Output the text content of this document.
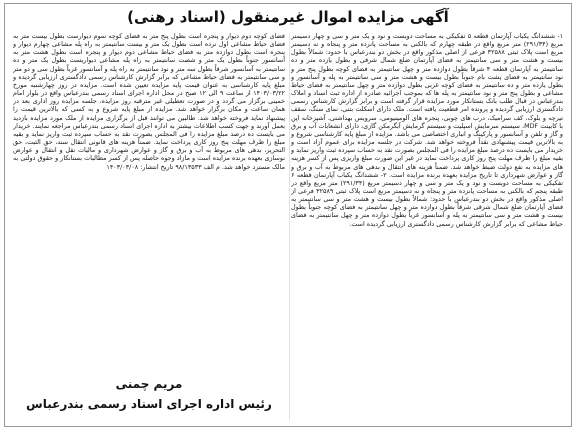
آگهی مزایده اموال غیرمنقول (اسناد رهنی)

۱- ششدانگ یکباب آپارتمان قطعه ۵ تفکیکی به مساحت دویست و نود و یک متر و سی و چهار دسیمتر مربع (۲۹۱/۳۴) متر مربع واقع در طبقه چهارم که بالکنی به مساحت پانزده متر و پنجاه و نه دسیمتر مربع است پلاک ثبتی ۳۲۵۸۸ فرعی از اصلی مذکور واقع در بخش دو بندرعباس با حدود: شمالاً بطول بیست و هشت متر و سی سانتیمتر به فضای آپارتمان ضلع شمال شرقی و بطول یازده متر و ده سانتیمتر به آپارتمان قطعه ۴ شرقاً بطول دوازده متر و چهل سانتیمتر به فضای کوچه بطول پنج متر و نود سانتیمتر به فضای پشت بام جنوباً بطول بیست و هشت متر و سی سانتیمتر به پله و آسانسور و بطول یازده متر و ده سانتیمتر به فضای کوچه غربی بطول دوازده متر و چهل سانتیمتر به فضای حیاط مشاعی و بطول پنج متر و نود سانتیمتر به پله ها که بموجب اجرائیه صادره از اداره ثبت اسناد و املاک بندرعباس در قبال طلب بانک بستانکار مورد مزایده قرار گرفته است و برابر گزارش کارشناس رسمی دادگستری ارزیابی گردیده و پرونده امر قطعیت یافته است. ملک دارای اسکلت بتنی، نمای سنگ، سقف تیرچه و بلوک، کف سرامیک، درب های چوبی، پنجره های آلومینیومی، سرویس بهداشتی، آشپزخانه اپن با کابینت MDF، سیستم سرمایش اسپلیت و سیستم گرمایش آبگرمکن گازی، دارای انشعابات آب و برق و گاز و تلفن و آسانسور و پارکینگ و انباری اختصاصی می باشد. مزایده از مبلغ پایه کارشناسی شروع و به بالاترین قیمت پیشنهادی نقداً فروخته خواهد شد. شرکت در جلسه مزایده برای عموم آزاد است و خریدار می بایست ده درصد مبلغ مزایده را فی المجلس بصورت نقد به حساب سپرده ثبت واریز نماید و بقیه مبلغ را ظرف مهلت پنج روز کاری پرداخت نماید در غیر این صورت مبلغ واریزی پس از کسر هزینه های مزایده به نفع دولت ضبط خواهد شد. ضمناً هزینه های انتقال و بدهی های مربوط به آب و برق و گاز و عوارض شهرداری تا تاریخ مزایده بعهده برنده مزایده است. ۲- ششدانگ یکباب آپارتمان قطعه ۶ تفکیکی به مساحت دویست و نود و یک متر و سی و چهار دسیمتر مربع (۲۹۱/۳۴) متر مربع واقع در طبقه پنجم که بالکنی به مساحت پانزده متر و پنجاه و نه دسیمتر مربع است پلاک ثبتی ۳۲۵۸۹ فرعی از اصلی مذکور واقع در بخش دو بندرعباس با حدود: شمالاً بطول بیست و هشت متر و سی سانتیمتر به فضای آپارتمان ضلع شمال شرقی شرقاً بطول دوازده متر و چهل سانتیمتر به فضای کوچه جنوباً بطول بیست و هشت متر و سی سانتیمتر به پله و آسانسور غرباً بطول دوازده متر و چهل سانتیمتر به فضای حیاط مشاعی که برابر گزارش کارشناس رسمی دادگستری ارزیابی گردیده است.

فضای کوچه دوم دیوار و پنجره است بطول پنج متر به فضای کوچه سوم دیوارست بطول بیست متر به فضای حیاط مشاعی اول نرده است بطول یک متر و بیست سانتیمتر به راه پله مشاعی چهارم دیوار و پنجره است بطول دوازده متر به فضای حیاط مشاعی دوم دیوار و پنجره است بطول هشت متر به آسانسور جنوباً بطول یک متر و شصت سانتیمتر به راه پله مشاعی دیواریست بطول یک متر و ده سانتیمتر به آسانسور شرقاً بطول سه متر و نود سانتیمتر به راه پله و آسانسور غرباً بطول سی و دو متر و سی سانتیمتر به فضای حیاط مشاعی که برابر گزارش کارشناس رسمی دادگستری ارزیابی گردیده و مبلغ پایه کارشناسی به عنوان قیمت پایه مزایده تعیین شده است. مزایده در روز چهارشنبه مورخ ۱۴۰۳/۰۳/۲۲ از ساعت ۹ الی ۱۲ صبح در محل اداره اجرای اسناد رسمی بندرعباس واقع در بلوار امام خمینی برگزار می گردد و در صورت تعطیلی غیر مترقبه روز مزایده، جلسه مزایده روز اداری بعد در همان ساعت و مکان برگزار خواهد شد. مزایده از مبلغ پایه شروع و به کسی که بالاترین قیمت را پیشنهاد نماید فروخته خواهد شد. طالبین می توانند قبل از برگزاری مزایده از ملک مورد مزایده بازدید بعمل آورند و جهت کسب اطلاعات بیشتر به اداره اجرای اسناد رسمی بندرعباس مراجعه نمایند. خریدار می بایست ده درصد مبلغ مزایده را فی المجلس بصورت نقد به حساب سپرده ثبت واریز نماید و بقیه مبلغ را ظرف مهلت پنج روز کاری پرداخت نماید. ضمناً هزینه های قانونی انتقال سند، حق الثبت، حق التحریر، بدهی های مربوط به آب و برق و گاز و عوارض شهرداری و مالیات نقل و انتقال و عوارض نوسازی بعهده برنده مزایده است و مازاد وجوه حاصله پس از کسر مطالبات بستانکار و حقوق دولتی به مالک مسترد خواهد شد. م الف ۹۸/۱۳۵۳۳ تاریخ انتشار: ۱۴۰۳/۰۳/۰۸

مریم چمنی
رئیس اداره اجرای اسناد رسمی بندرعباس
